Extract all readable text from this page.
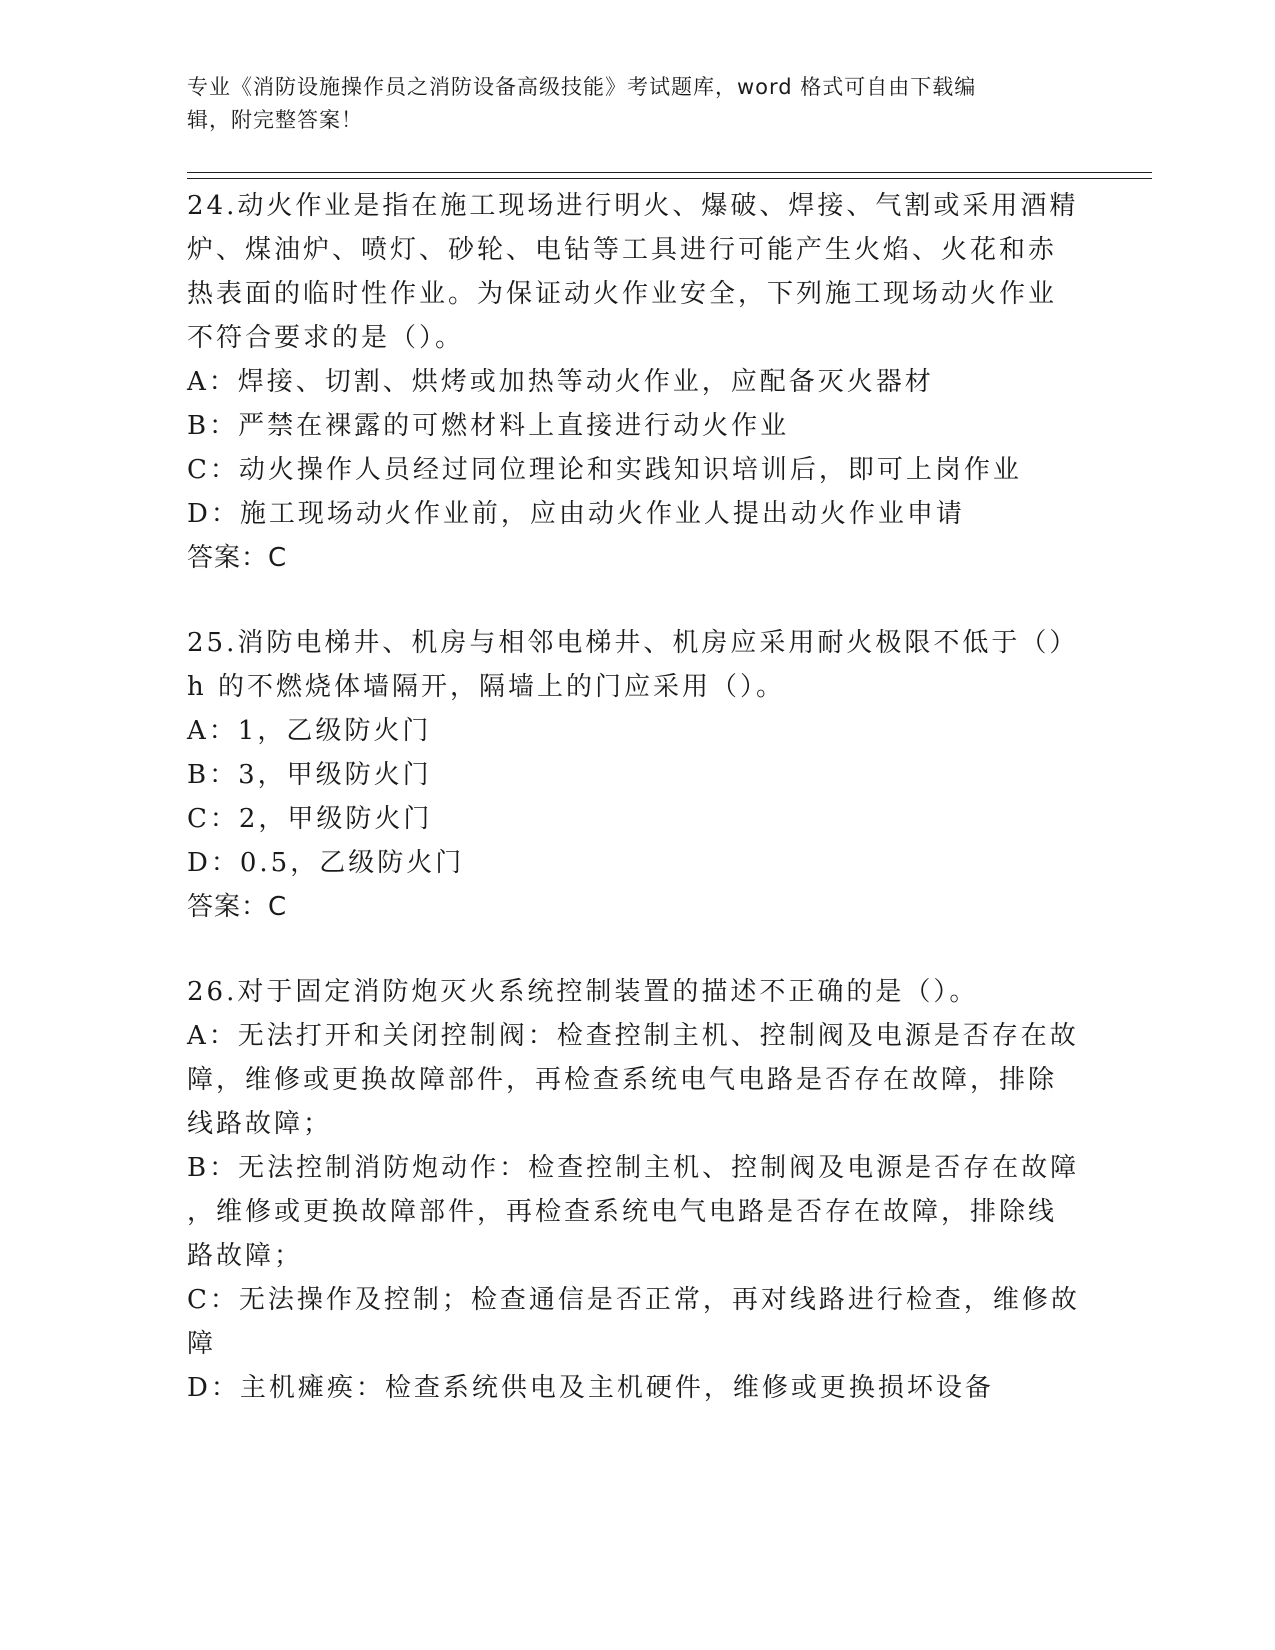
专业《消防设施操作员之消防设备高级技能》考试题库，word 格式可自由下载编
辑，附完整答案！
24.动火作业是指在施工现场进行明火、爆破、焊接、气割或采用酒精
炉、煤油炉、喷灯、砂轮、电钻等工具进行可能产生火焰、火花和赤
热表面的临时性作业。为保证动火作业安全，下列施工现场动火作业
不符合要求的是（）。
A：焊接、切割、烘烤或加热等动火作业，应配备灭火器材
B：严禁在裸露的可燃材料上直接进行动火作业
C：动火操作人员经过同位理论和实践知识培训后，即可上岗作业
D：施工现场动火作业前，应由动火作业人提出动火作业申请
答案：C
25.消防电梯井、机房与相邻电梯井、机房应采用耐火极限不低于（）
h 的不燃烧体墙隔开，隔墙上的门应采用（）。
A：1，乙级防火门
B：3，甲级防火门
C：2，甲级防火门
D：0.5，乙级防火门
答案：C
26.对于固定消防炮灭火系统控制装置的描述不正确的是（）。
A：无法打开和关闭控制阀：检查控制主机、控制阀及电源是否存在故
障，维修或更换故障部件，再检查系统电气电路是否存在故障，排除
线路故障；
B：无法控制消防炮动作：检查控制主机、控制阀及电源是否存在故障
，维修或更换故障部件，再检查系统电气电路是否存在故障，排除线
路故障；
C：无法操作及控制；检查通信是否正常，再对线路进行检查，维修故
障
D：主机瘫痪：检查系统供电及主机硬件，维修或更换损坏设备
